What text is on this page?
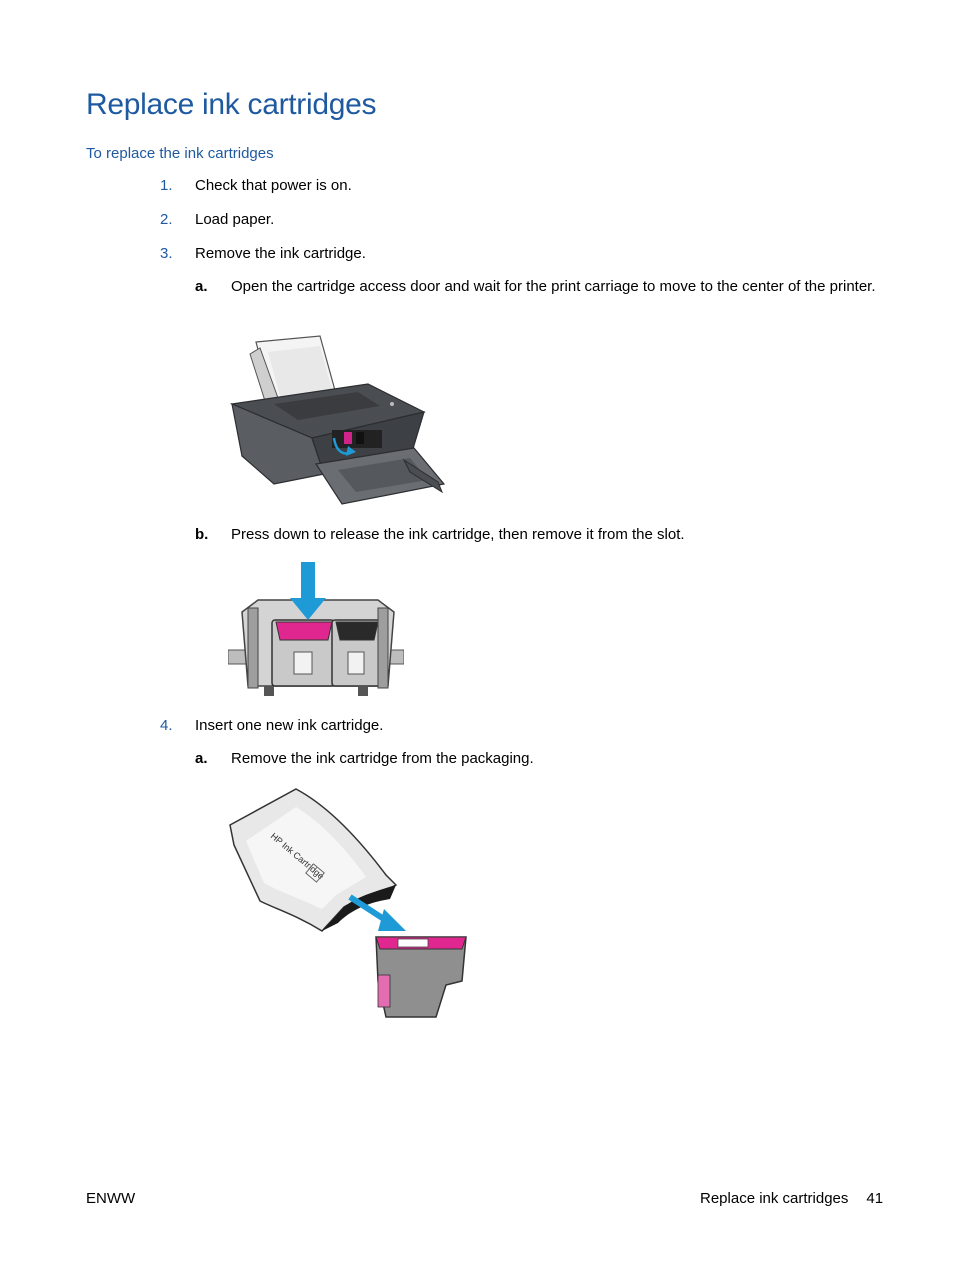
Replace ink cartridges
To replace the ink cartridges
1. Check that power is on.
2. Load paper.
3. Remove the ink cartridge.
a. Open the cartridge access door and wait for the print carriage to move to the center of the printer.
b. Press down to release the ink cartridge, then remove it from the slot.
4. Insert one new ink cartridge.
a. Remove the ink cartridge from the packaging.
HP Ink Cartridge
ENWW	Replace ink cartridges 41
